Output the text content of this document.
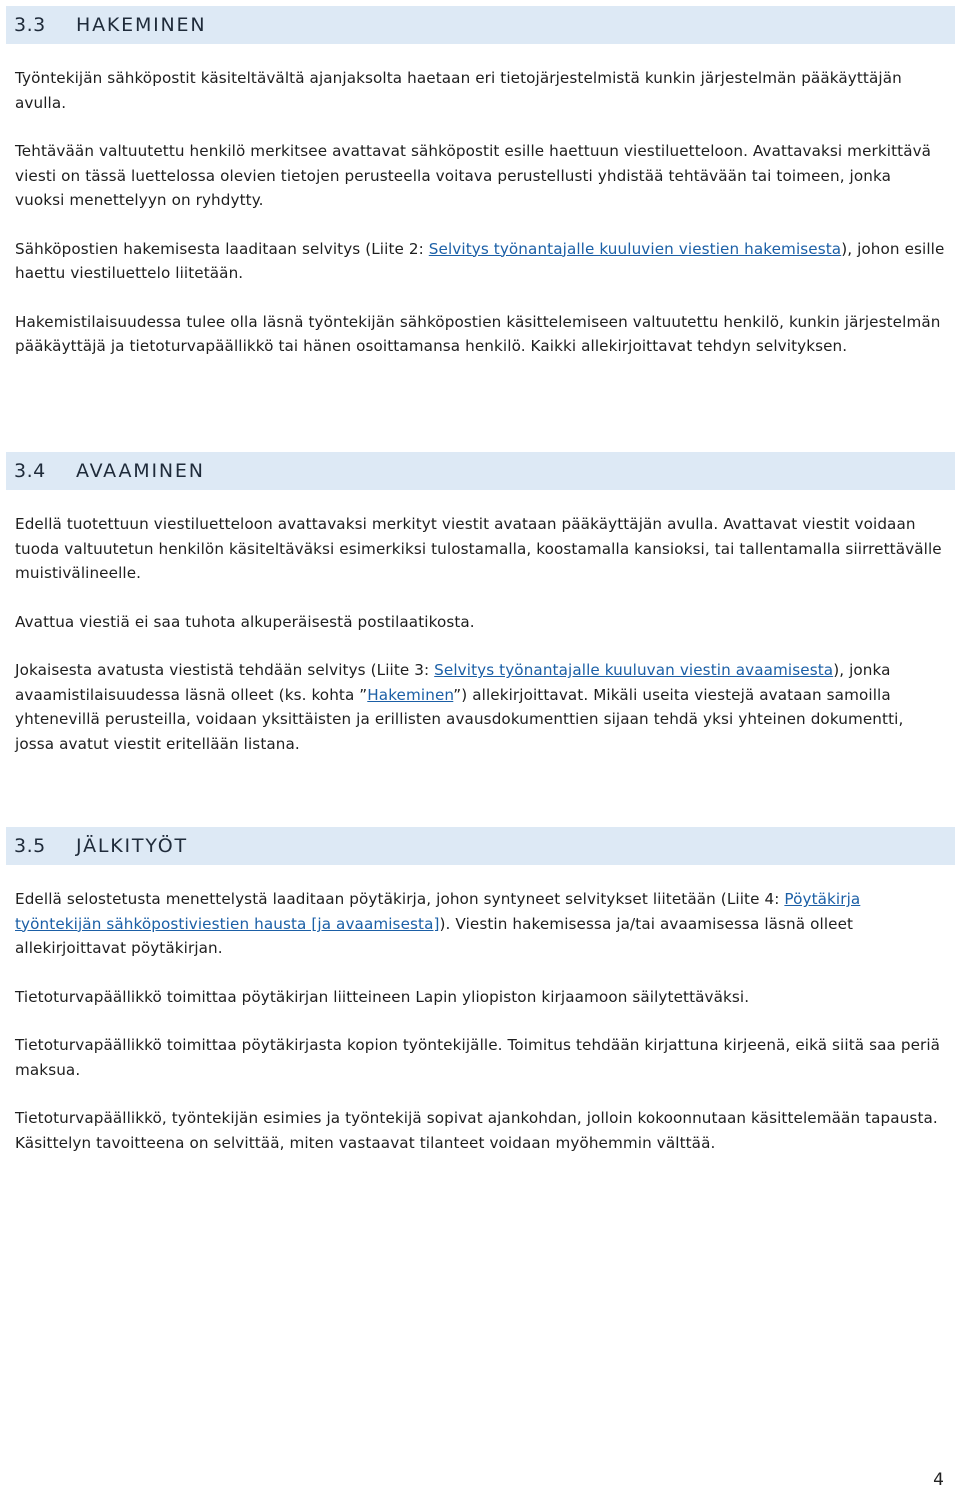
3.3	HAKEMINEN

Työntekijän sähköpostit käsiteltävältä ajanjaksolta haetaan eri tietojärjestelmistä kunkin järjestelmän pääkäyttäjän avulla.

Tehtävään valtuutettu henkilö merkitsee avattavat sähköpostit esille haettuun viestiluetteloon. Avattavaksi merkittävä viesti on tässä luettelossa olevien tietojen perusteella voitava perustellusti yhdistää tehtävään tai toimeen, jonka vuoksi menettelyyn on ryhdytty.

Sähköpostien hakemisesta laaditaan selvitys (Liite 2: Selvitys työnantajalle kuuluvien viestien hakemisesta), johon esille haettu viestiluettelo liitetään.

Hakemistilaisuudessa tulee olla läsnä työntekijän sähköpostien käsittelemiseen valtuutettu henkilö, kunkin järjestelmän pääkäyttäjä ja tietoturvapäällikkö tai hänen osoittamansa henkilö. Kaikki allekirjoittavat tehdyn selvityksen.

3.4	AVAAMINEN

Edellä tuotettuun viestiluetteloon avattavaksi merkityt viestit avataan pääkäyttäjän avulla. Avattavat viestit voidaan tuoda valtuutetun henkilön käsiteltäväksi esimerkiksi tulostamalla, koostamalla kansioksi, tai tallentamalla siirrettävälle muistivälineelle.

Avattua viestiä ei saa tuhota alkuperäisestä postilaatikosta.

Jokaisesta avatusta viestistä tehdään selvitys (Liite 3: Selvitys työnantajalle kuuluvan viestin avaamisesta), jonka avaamistilaisuudessa läsnä olleet (ks. kohta ”Hakeminen”) allekirjoittavat. Mikäli useita viestejä avataan samoilla yhtenevillä perusteilla, voidaan yksittäisten ja erillisten avausdokumenttien sijaan tehdä yksi yhteinen dokumentti, jossa avatut viestit eritellään listana.

3.5	JÄLKITYÖT

Edellä selostetusta menettelystä laaditaan pöytäkirja, johon syntyneet selvitykset liitetään (Liite 4: Pöytäkirja työntekijän sähköpostiviestien hausta [ja avaamisesta]). Viestin hakemisessa ja/tai avaamisessa läsnä olleet allekirjoittavat pöytäkirjan.

Tietoturvapäällikkö toimittaa pöytäkirjan liitteineen Lapin yliopiston kirjaamoon säilytettäväksi.

Tietoturvapäällikkö toimittaa pöytäkirjasta kopion työntekijälle. Toimitus tehdään kirjattuna kirjeenä, eikä siitä saa periä maksua.

Tietoturvapäällikkö, työntekijän esimies ja työntekijä sopivat ajankohdan, jolloin kokoonnutaan käsittelemään tapausta. Käsittelyn tavoitteena on selvittää, miten vastaavat tilanteet voidaan myöhemmin välttää.

4
